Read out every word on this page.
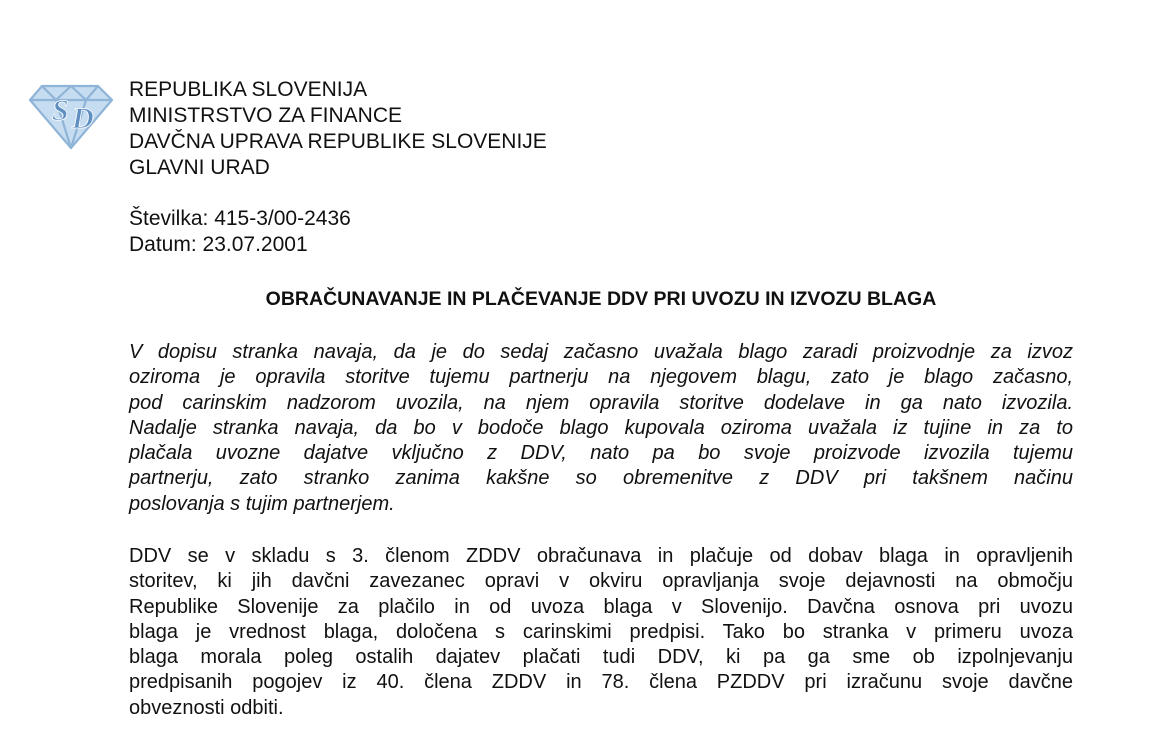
S D
REPUBLIKA SLOVENIJA
MINISTRSTVO ZA FINANCE
DAVČNA UPRAVA REPUBLIKE SLOVENIJE
GLAVNI URAD
Številka: 415-3/00-2436
Datum: 23.07.2001
OBRAČUNAVANJE IN PLAČEVANJE DDV PRI UVOZU IN IZVOZU BLAGA
V dopisu stranka navaja, da je do sedaj začasno uvažala blago zaradi proizvodnje za izvoz
oziroma je opravila storitve tujemu partnerju na njegovem blagu, zato je blago začasno,
pod carinskim nadzorom uvozila, na njem opravila storitve dodelave in ga nato izvozila.
Nadalje stranka navaja, da bo v bodoče blago kupovala oziroma uvažala iz tujine in za to
plačala uvozne dajatve vključno z DDV, nato pa bo svoje proizvode izvozila tujemu
partnerju, zato stranko zanima kakšne so obremenitve z DDV pri takšnem načinu
poslovanja s tujim partnerjem.
DDV se v skladu s 3. členom ZDDV obračunava in plačuje od dobav blaga in opravljenih
storitev, ki jih davčni zavezanec opravi v okviru opravljanja svoje dejavnosti na območju
Republike Slovenije za plačilo in od uvoza blaga v Slovenijo. Davčna osnova pri uvozu
blaga je vrednost blaga, določena s carinskimi predpisi. Tako bo stranka v primeru uvoza
blaga morala poleg ostalih dajatev plačati tudi DDV, ki pa ga sme ob izpolnjevanju
predpisanih pogojev iz 40. člena ZDDV in 78. člena PZDDV pri izračunu svoje davčne
obveznosti odbiti.
